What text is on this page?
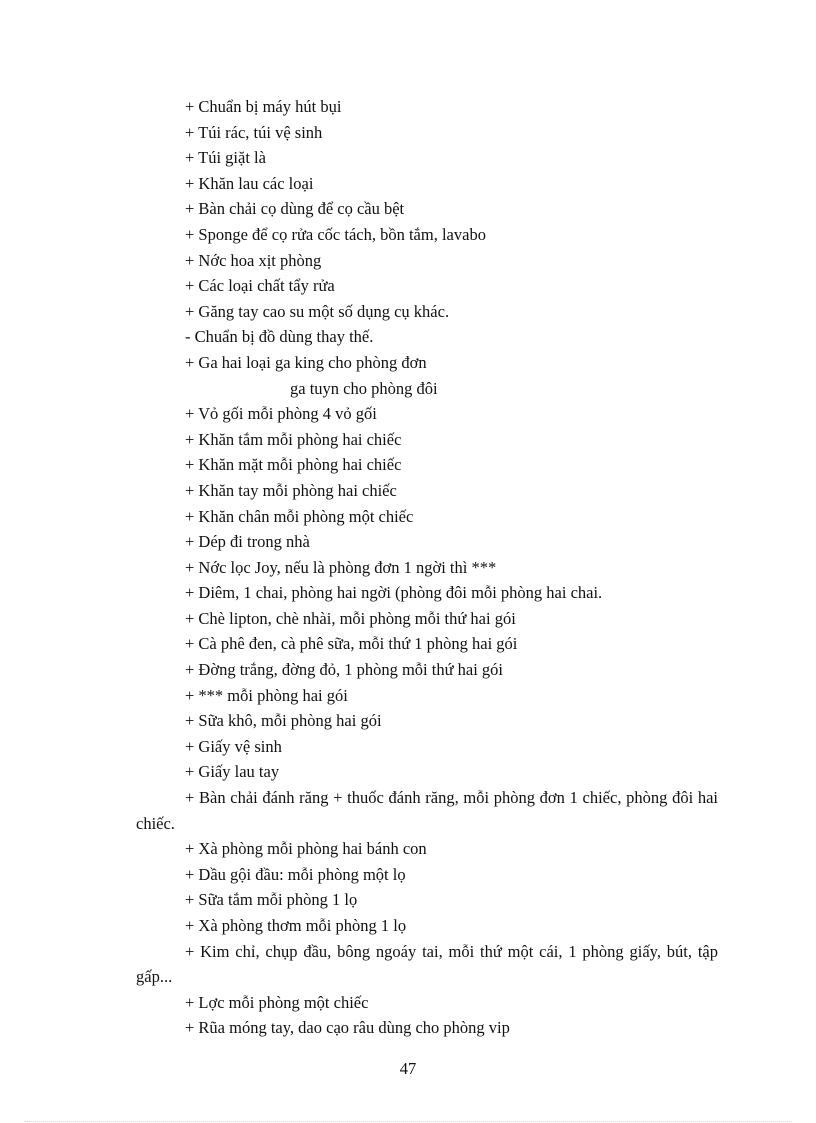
+ Chuẩn bị máy hút bụi
+ Túi rác, túi vệ sinh
+ Túi giặt là
+ Khăn lau các loại
+ Bàn chải cọ dùng để cọ cầu bệt
+ Sponge để cọ rửa cốc tách, bồn tắm, lavabo
+ Nớc hoa xịt phòng
+ Các loại chất tẩy rửa
+ Găng tay cao su một số dụng cụ khác.
- Chuẩn bị đồ dùng thay thế.
+ Ga hai loại ga king cho phòng đơn
ga tuyn cho phòng đôi
+ Vỏ gối mỗi phòng 4 vỏ gối
+ Khăn tắm mỗi phòng hai chiếc
+ Khăn mặt mỗi phòng hai chiếc
+ Khăn tay mỗi phòng hai chiếc
+ Khăn chân mỗi phòng một chiếc
+ Dép đi trong nhà
+ Nớc lọc Joy, nếu là phòng đơn 1 ngời thì ***
+ Diêm, 1 chai, phòng hai ngời (phòng đôi mỗi phòng hai chai.
+ Chè lipton, chè nhài, mỗi phòng mỗi thứ hai gói
+ Cà phê đen, cà phê sữa, mỗi thứ 1 phòng hai gói
+ Đờng trắng, đờng đỏ, 1 phòng mỗi thứ hai gói
+ *** mỗi phòng hai gói
+ Sữa khô, mỗi phòng hai gói
+ Giấy vệ sinh
+ Giấy lau tay

+ Bàn chải đánh răng + thuốc đánh răng, mỗi phòng đơn 1 chiếc, phòng đôi hai chiếc.

+ Xà phòng mỗi phòng hai bánh con
+ Dầu gội đầu: mỗi phòng một lọ
+ Sữa tắm mỗi phòng 1 lọ
+ Xà phòng thơm mỗi phòng 1 lọ

+ Kim chỉ, chụp đầu, bông ngoáy tai, mỗi thứ một cái, 1 phòng giấy, bút, tập gấp...

+ Lợc mỗi phòng một chiếc
+ Rũa móng tay, dao cạo râu dùng cho phòng vip
47
